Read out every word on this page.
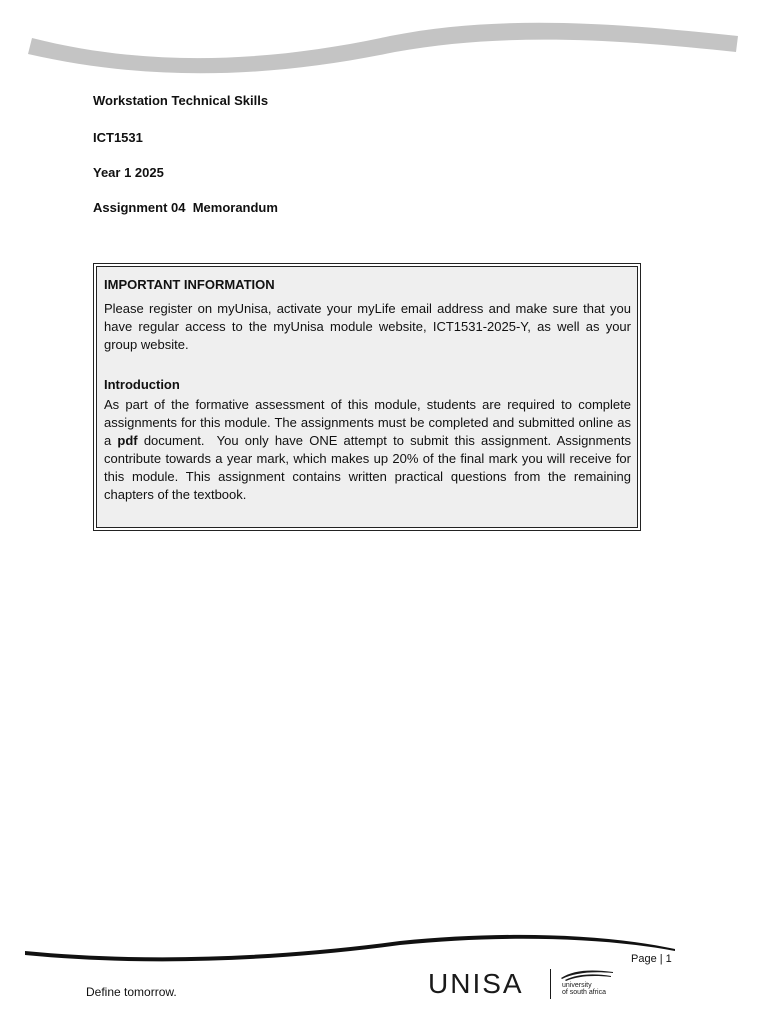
Workstation Technical Skills

ICT1531

Year 1 2025

Assignment 04  Memorandum

IMPORTANT INFORMATION

Please register on myUnisa, activate your myLife email address and make sure that you have regular access to the myUnisa module website, ICT1531-2025-Y, as well as your group website.

Introduction

As part of the formative assessment of this module, students are required to complete assignments for this module. The assignments must be completed and submitted online as a pdf document.  You only have ONE attempt to submit this assignment. Assignments contribute towards a year mark, which makes up 20% of the final mark you will receive for this module. This assignment contains written practical questions from the remaining chapters of the textbook.

Page | 1
Define tomorrow.	UNISA	university
of south africa
